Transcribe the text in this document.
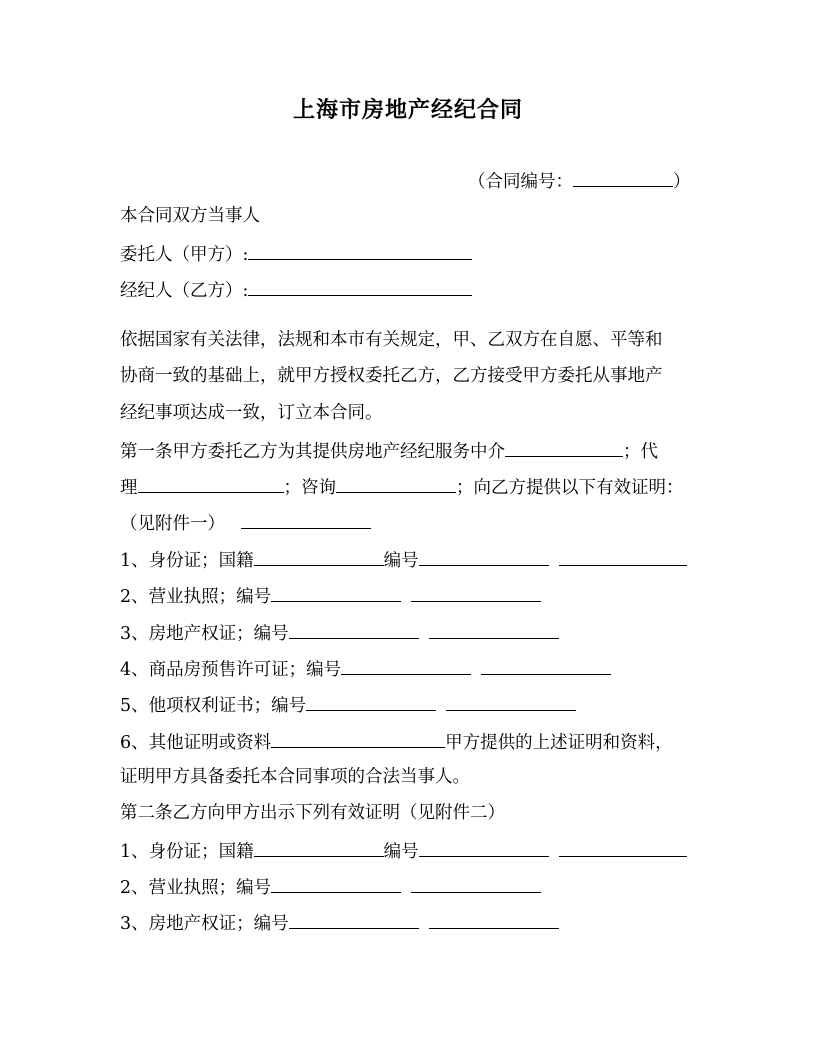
上海市房地产经纪合同
（合同编号：	）
本合同双方当事人
委托人（甲方）:
经纪人（乙方）:
依据国家有关法律，法规和本市有关规定，甲、乙双方在自愿、平等和
协商一致的基础上，就甲方授权委托乙方，乙方接受甲方委托从事地产
经纪事项达成一致，订立本合同。
第一条甲方委托乙方为其提供房地产经纪服务中介	；代
理	；咨询	；向乙方提供以下有效证明：
（见附件一）
1、身份证；国籍	编号
2、营业执照；编号
3、房地产权证；编号
4、商品房预售许可证；编号
5、他项权利证书；编号
6、其他证明或资料	甲方提供的上述证明和资料，
证明甲方具备委托本合同事项的合法当事人。
第二条乙方向甲方出示下列有效证明（见附件二）
1、身份证；国籍	编号
2、营业执照；编号
3、房地产权证；编号
